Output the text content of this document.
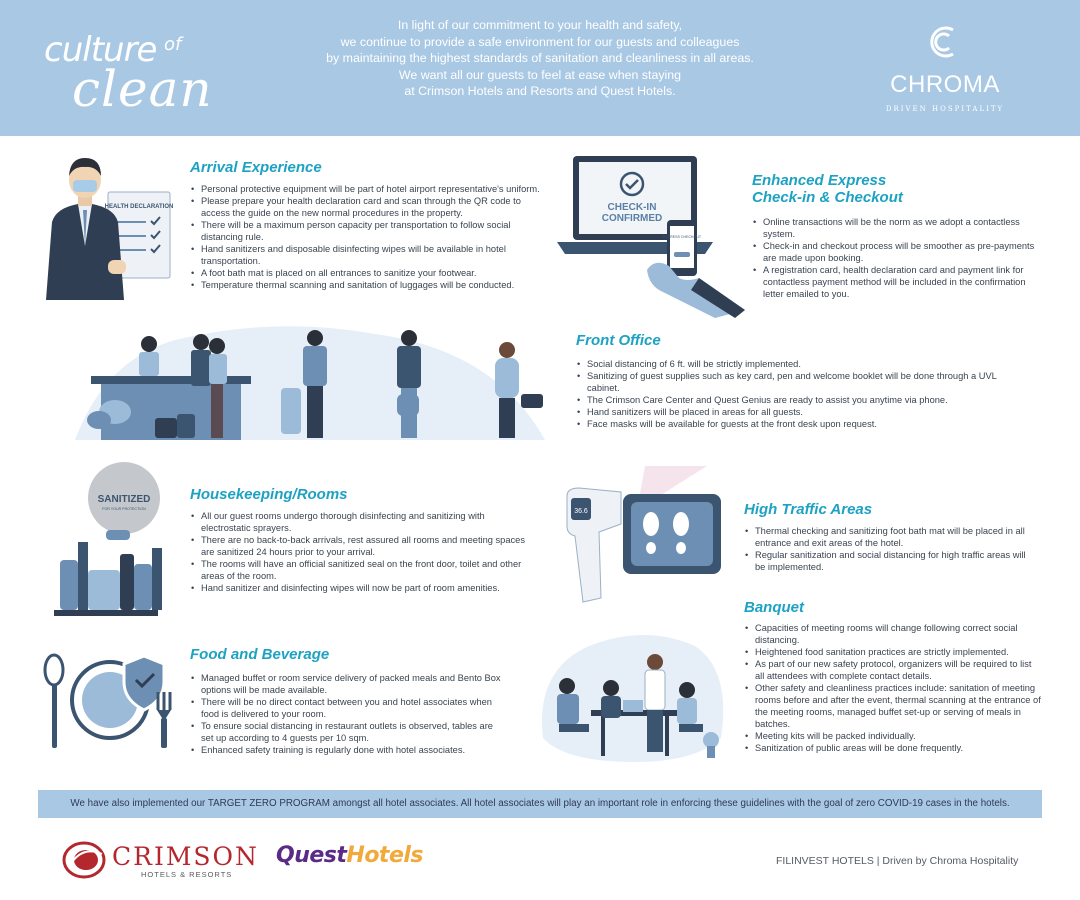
culture of
clean
In light of our commitment to your health and safety,
we continue to provide a safe environment for our guests and colleagues
by maintaining the highest standards of sanitation and cleanliness in all areas.
We want all our guests to feel at ease when staying
at Crimson Hotels and Resorts and Quest Hotels.	CHROMA
DRIVEN HOSPITALITY
HEALTH DECLARATION
Arrival Experience
• Personal protective equipment will be part of hotel airport representative's uniform.
• Please prepare your health declaration card and scan through the QR code to access the guide on the new normal procedures in the property.
• There will be a maximum person capacity per transportation to follow social distancing rule.
• Hand sanitizers and disposable disinfecting wipes will be available in hotel transportation.
• A foot bath mat is placed on all entrances to sanitize your footwear.
• Temperature thermal scanning and sanitation of luggages will be conducted.
CHECK-IN
CONFIRMED
EXPRESS CHECKOUT
Enhanced Express
Check-in & Checkout
• Online transactions will be the norm as we adopt a contactless system.
• Check-in and checkout process will be smoother as pre-payments are made upon booking.
• A registration card, health declaration card and payment link for contactless payment method will be included in the confirmation letter emailed to you.
Front Office
• Social distancing of 6 ft. will be strictly implemented.
• Sanitizing of guest supplies such as key card, pen and welcome booklet will be done through a UVL cabinet.
• The Crimson Care Center and Quest Genius are ready to assist you anytime via phone.
• Hand sanitizers will be placed in areas for all guests.
• Face masks will be available for guests at the front desk upon request.
SANITIZED
FOR YOUR PROTECTION
Housekeeping/Rooms
• All our guest rooms undergo thorough disinfecting and sanitizing with electrostatic sprayers.
• There are no back-to-back arrivals, rest assured all rooms and meeting spaces are sanitized 24 hours prior to your arrival.
• The rooms will have an official sanitized seal on the front door, toilet and other areas of the room.
• Hand sanitizer and disinfecting wipes will now be part of room amenities.
36.6	High Traffic Areas
• Thermal checking and sanitizing foot bath mat will be placed in all entrance and exit areas of the hotel.
• Regular sanitization and social distancing for high traffic areas will be implemented.
Banquet
• Capacities of meeting rooms will change following correct social distancing.
• Heightened food sanitation practices are strictly implemented.
• As part of our new safety protocol, organizers will be required to list all attendees with complete contact details.
• Other safety and cleanliness practices include: sanitation of meeting rooms before and after the event, thermal scanning at the entrance of the meeting rooms, managed buffet set-up or serving of meals in batches.
• Meeting kits will be packed individually.
• Sanitization of public areas will be done frequently.
Food and Beverage
• Managed buffet or room service delivery of packed meals and Bento Box options will be made available.
• There will be no direct contact between you and hotel associates when food is delivered to your room.
• To ensure social distancing in restaurant outlets is observed, tables are set up according to 4 guests per 10 sqm.
• Enhanced safety training is regularly done with hotel associates.
We have also implemented our TARGET ZERO PROGRAM amongst all hotel associates. All hotel associates will play an important role in enforcing these guidelines with the goal of zero COVID-19 cases in the hotels.
CRIMSON
HOTELS & RESORTS
QuestHotels	FILINVEST HOTELS | Driven by Chroma Hospitality
